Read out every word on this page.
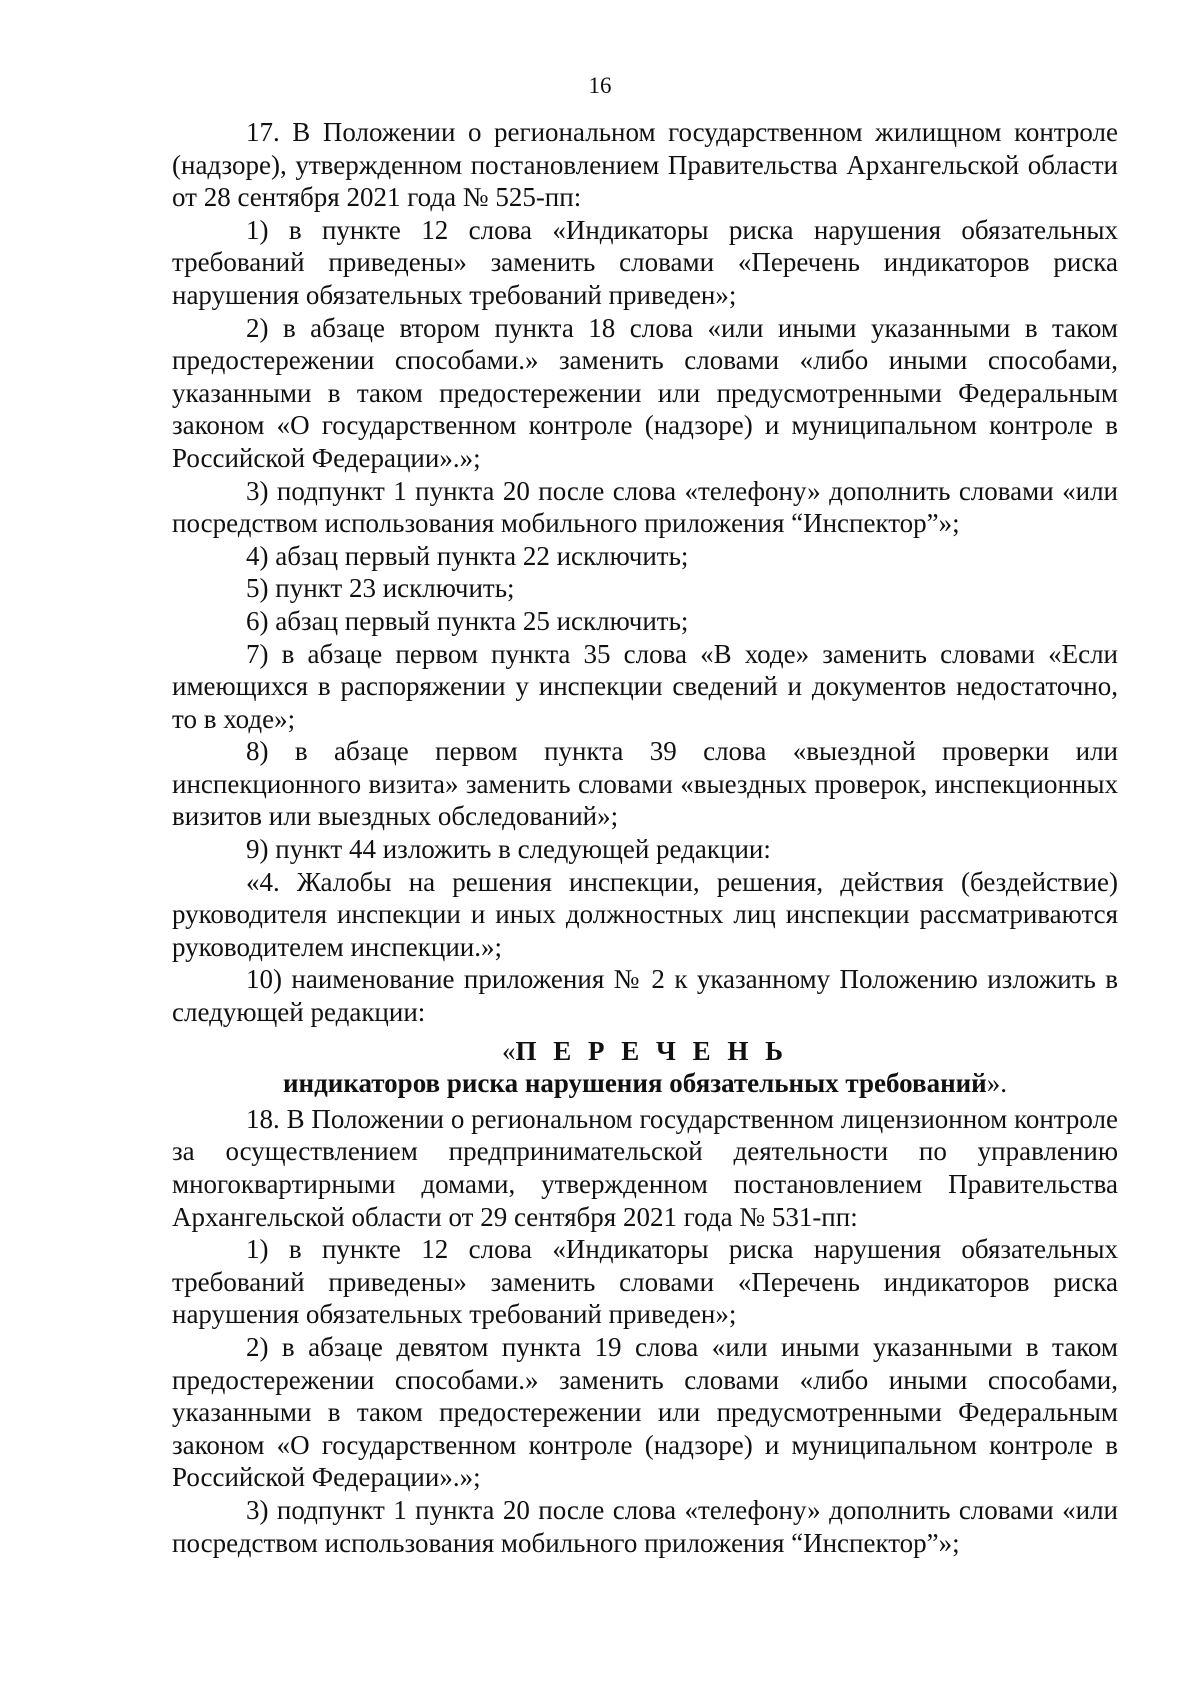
16

17. В Положении о региональном государственном жилищном контроле (надзоре), утвержденном постановлением Правительства Архангельской области от 28 сентября 2021 года № 525-пп:

1) в пункте 12 слова «Индикаторы риска нарушения обязательных требований приведены» заменить словами «Перечень индикаторов риска нарушения обязательных требований приведен»;

2) в абзаце втором пункта 18 слова «или иными указанными в таком предостережении способами.» заменить словами «либо иными способами, указанными в таком предостережении или предусмотренными Федеральным законом «О государственном контроле (надзоре) и муниципальном контроле в Российской Федерации».»;

3) подпункт 1 пункта 20 после слова «телефону» дополнить словами «или посредством использования мобильного приложения “Инспектор”»;

4) абзац первый пункта 22 исключить;

5) пункт 23 исключить;

6) абзац первый пункта 25 исключить;

7) в абзаце первом пункта 35 слова «В ходе» заменить словами «Если имеющихся в распоряжении у инспекции сведений и документов недостаточно, то в ходе»;

8) в абзаце первом пункта 39 слова «выездной проверки или инспекционного визита» заменить словами «выездных проверок, инспекционных визитов или выездных обследований»;

9) пункт 44 изложить в следующей редакции:

«4. Жалобы на решения инспекции, решения, действия (бездействие) руководителя инспекции и иных должностных лиц инспекции рассматриваются руководителем инспекции.»;

10) наименование приложения № 2 к указанному Положению изложить в следующей редакции:

«П Е Р Е Ч Е Н Ь

индикаторов риска нарушения обязательных требований».

18. В Положении о региональном государственном лицензионном контроле за осуществлением предпринимательской деятельности по управлению многоквартирными домами, утвержденном постановлением Правительства Архангельской области от 29 сентября 2021 года № 531-пп:

1) в пункте 12 слова «Индикаторы риска нарушения обязательных требований приведены» заменить словами «Перечень индикаторов риска нарушения обязательных требований приведен»;

2) в абзаце девятом пункта 19 слова «или иными указанными в таком предостережении способами.» заменить словами «либо иными способами, указанными в таком предостережении или предусмотренными Федеральным законом «О государственном контроле (надзоре) и муниципальном контроле в Российской Федерации».»;

3) подпункт 1 пункта 20 после слова «телефону» дополнить словами «или посредством использования мобильного приложения “Инспектор”»;
